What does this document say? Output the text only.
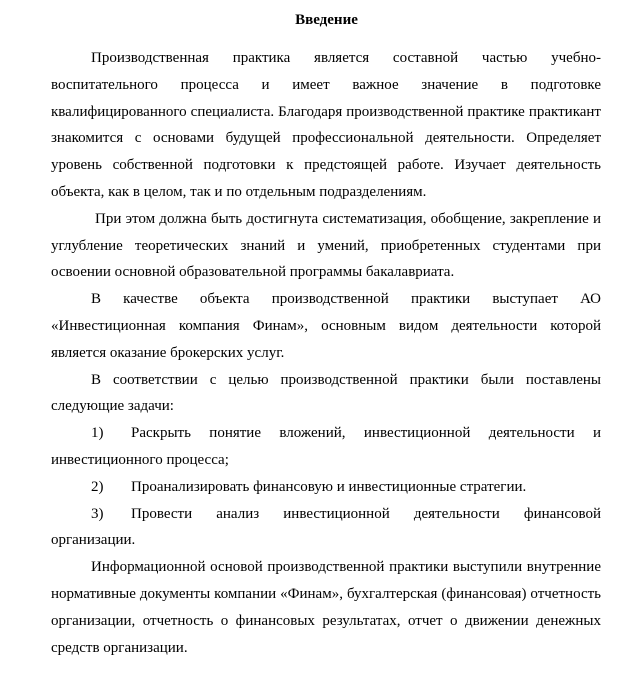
Введение

Производственная практика является составной частью учебно-воспитательного процесса и имеет важное значение в подготовке квалифицированного специалиста. Благодаря производственной практике практикант знакомится с основами будущей профессиональной деятельности. Определяет уровень собственной подготовки к предстоящей работе. Изучает деятельность объекта, как в целом, так и по отдельным подразделениям.

При этом должна быть достигнута систематизация, обобщение, закрепление и углубление теоретических знаний и умений, приобретенных студентами при освоении основной образовательной программы бакалавриата.

В качестве объекта производственной практики выступает АО «Инвестиционная компания Финам», основным видом деятельности которой является оказание брокерских услуг.

В соответствии с целью производственной практики были поставлены следующие задачи:

1) Раскрыть понятие вложений, инвестиционной деятельности и инвестиционного процесса;

2) Проанализировать финансовую и инвестиционные стратегии.

3) Провести анализ инвестиционной деятельности финансовой организации.

Информационной основой производственной практики выступили внутренние нормативные документы компании «Финам», бухгалтерская (финансовая) отчетность организации, отчетность о финансовых результатах, отчет о движении денежных средств организации.
